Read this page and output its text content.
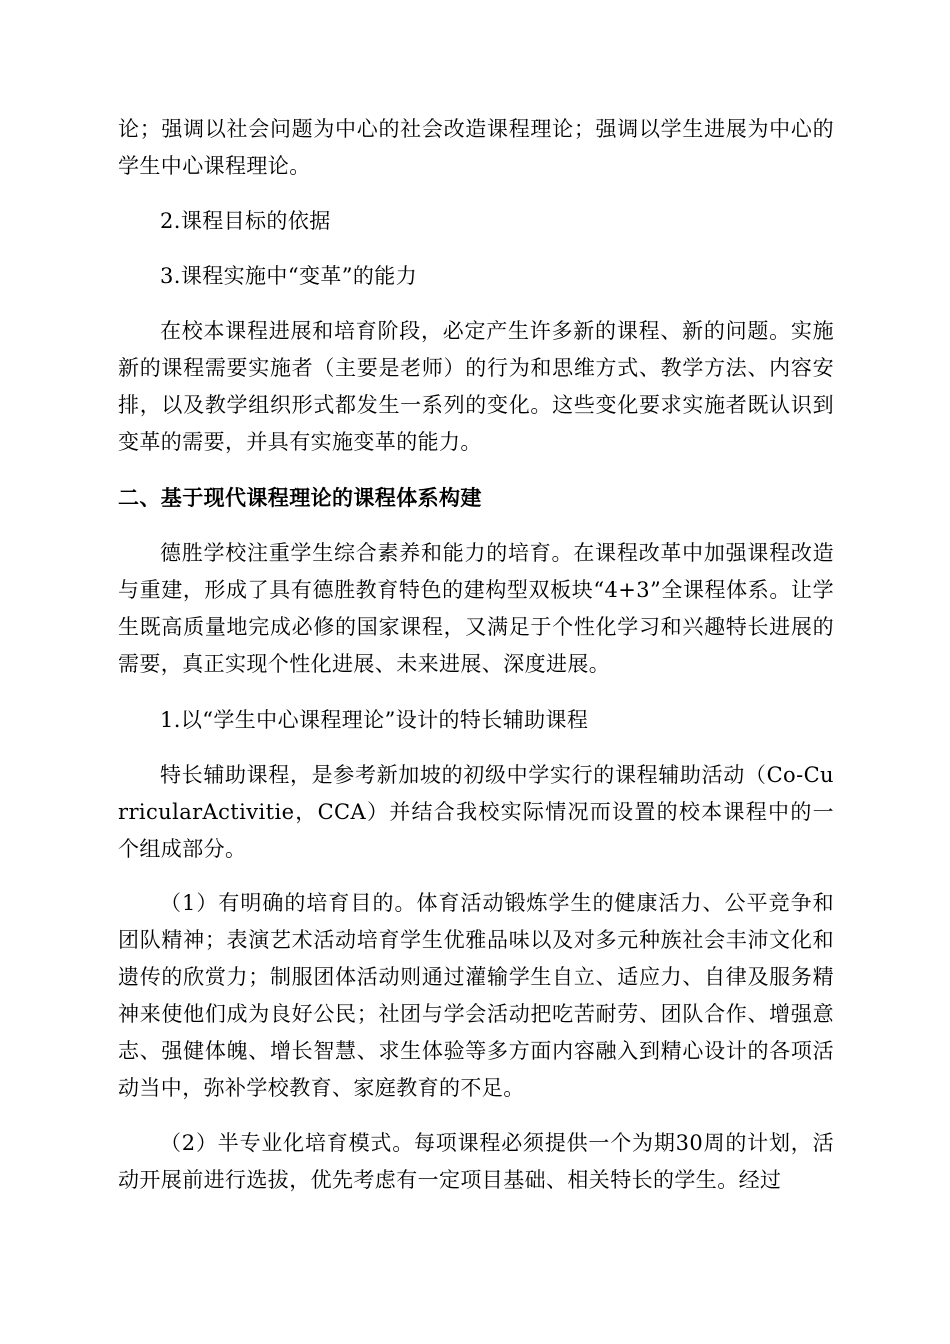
论；强调以社会问题为中心的社会改造课程理论；强调以学生进展为中心的学生中心课程理论。

2.课程目标的依据

3.课程实施中“变革”的能力

在校本课程进展和培育阶段，必定产生许多新的课程、新的问题。实施新的课程需要实施者（主要是老师）的行为和思维方式、教学方法、内容安排，以及教学组织形式都发生一系列的变化。这些变化要求实施者既认识到变革的需要，并具有实施变革的能力。

二、基于现代课程理论的课程体系构建

德胜学校注重学生综合素养和能力的培育。在课程改革中加强课程改造与重建，形成了具有德胜教育特色的建构型双板块“4+3”全课程体系。让学生既高质量地完成必修的国家课程，又满足于个性化学习和兴趣特长进展的需要，真正实现个性化进展、未来进展、深度进展。

1.以“学生中心课程理论”设计的特长辅助课程

特长辅助课程，是参考新加坡的初级中学实行的课程辅助活动（Co-CurricularActivitie，CCA）并结合我校实际情况而设置的校本课程中的一个组成部分。

（1）有明确的培育目的。体育活动锻炼学生的健康活力、公平竞争和团队精神；表演艺术活动培育学生优雅品味以及对多元种族社会丰沛文化和遗传的欣赏力；制服团体活动则通过灌输学生自立、适应力、自律及服务精神来使他们成为良好公民；社团与学会活动把吃苦耐劳、团队合作、增强意志、强健体魄、增长智慧、求生体验等多方面内容融入到精心设计的各项活动当中，弥补学校教育、家庭教育的不足。

（2）半专业化培育模式。每项课程必须提供一个为期30周的计划，活动开展前进行选拔，优先考虑有一定项目基础、相关特长的学生。经过
